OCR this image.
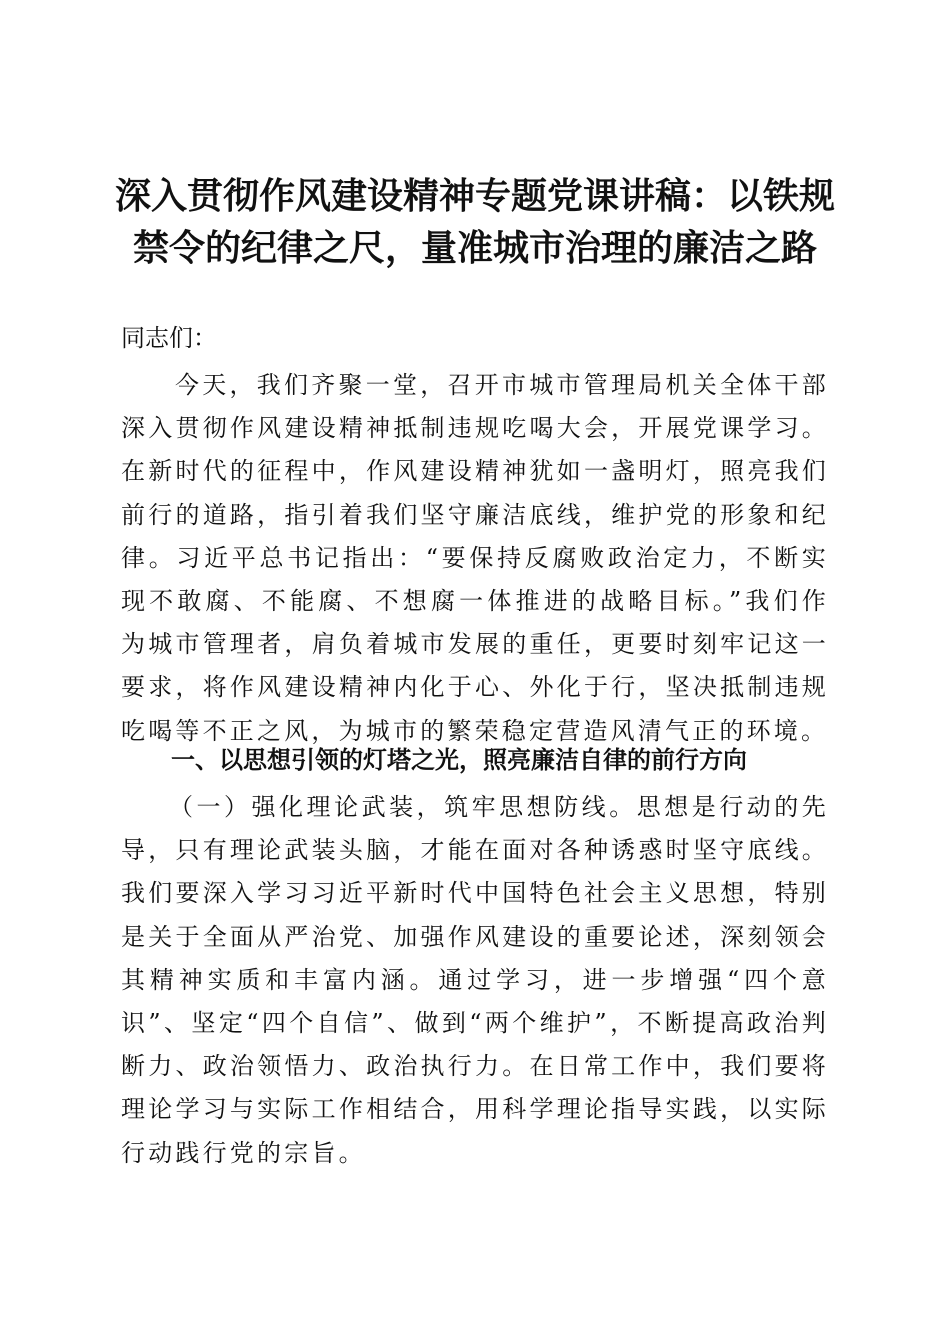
深入贯彻作风建设精神专题党课讲稿：以铁规
禁令的纪律之尺，量准城市治理的廉洁之路

同志们：

今天，我们齐聚一堂，召开市城市管理局机关全体干部深入贯彻作风建设精神抵制违规吃喝大会，开展党课学习。在新时代的征程中，作风建设精神犹如一盏明灯，照亮我们前行的道路，指引着我们坚守廉洁底线，维护党的形象和纪律。习近平总书记指出：“要保持反腐败政治定力，不断实现不敢腐、不能腐、不想腐一体推进的战略目标。”我们作为城市管理者，肩负着城市发展的重任，更要时刻牢记这一要求，将作风建设精神内化于心、外化于行，坚决抵制违规吃喝等不正之风，为城市的繁荣稳定营造风清气正的环境。

一、以思想引领的灯塔之光，照亮廉洁自律的前行方向

（一）强化理论武装，筑牢思想防线。思想是行动的先导，只有理论武装头脑，才能在面对各种诱惑时坚守底线。我们要深入学习习近平新时代中国特色社会主义思想，特别是关于全面从严治党、加强作风建设的重要论述，深刻领会其精神实质和丰富内涵。通过学习，进一步增强“四个意识”、坚定“四个自信”、做到“两个维护”，不断提高政治判断力、政治领悟力、政治执行力。在日常工作中，我们要将理论学习与实际工作相结合，用科学理论指导实践，以实际行动践行党的宗旨。
